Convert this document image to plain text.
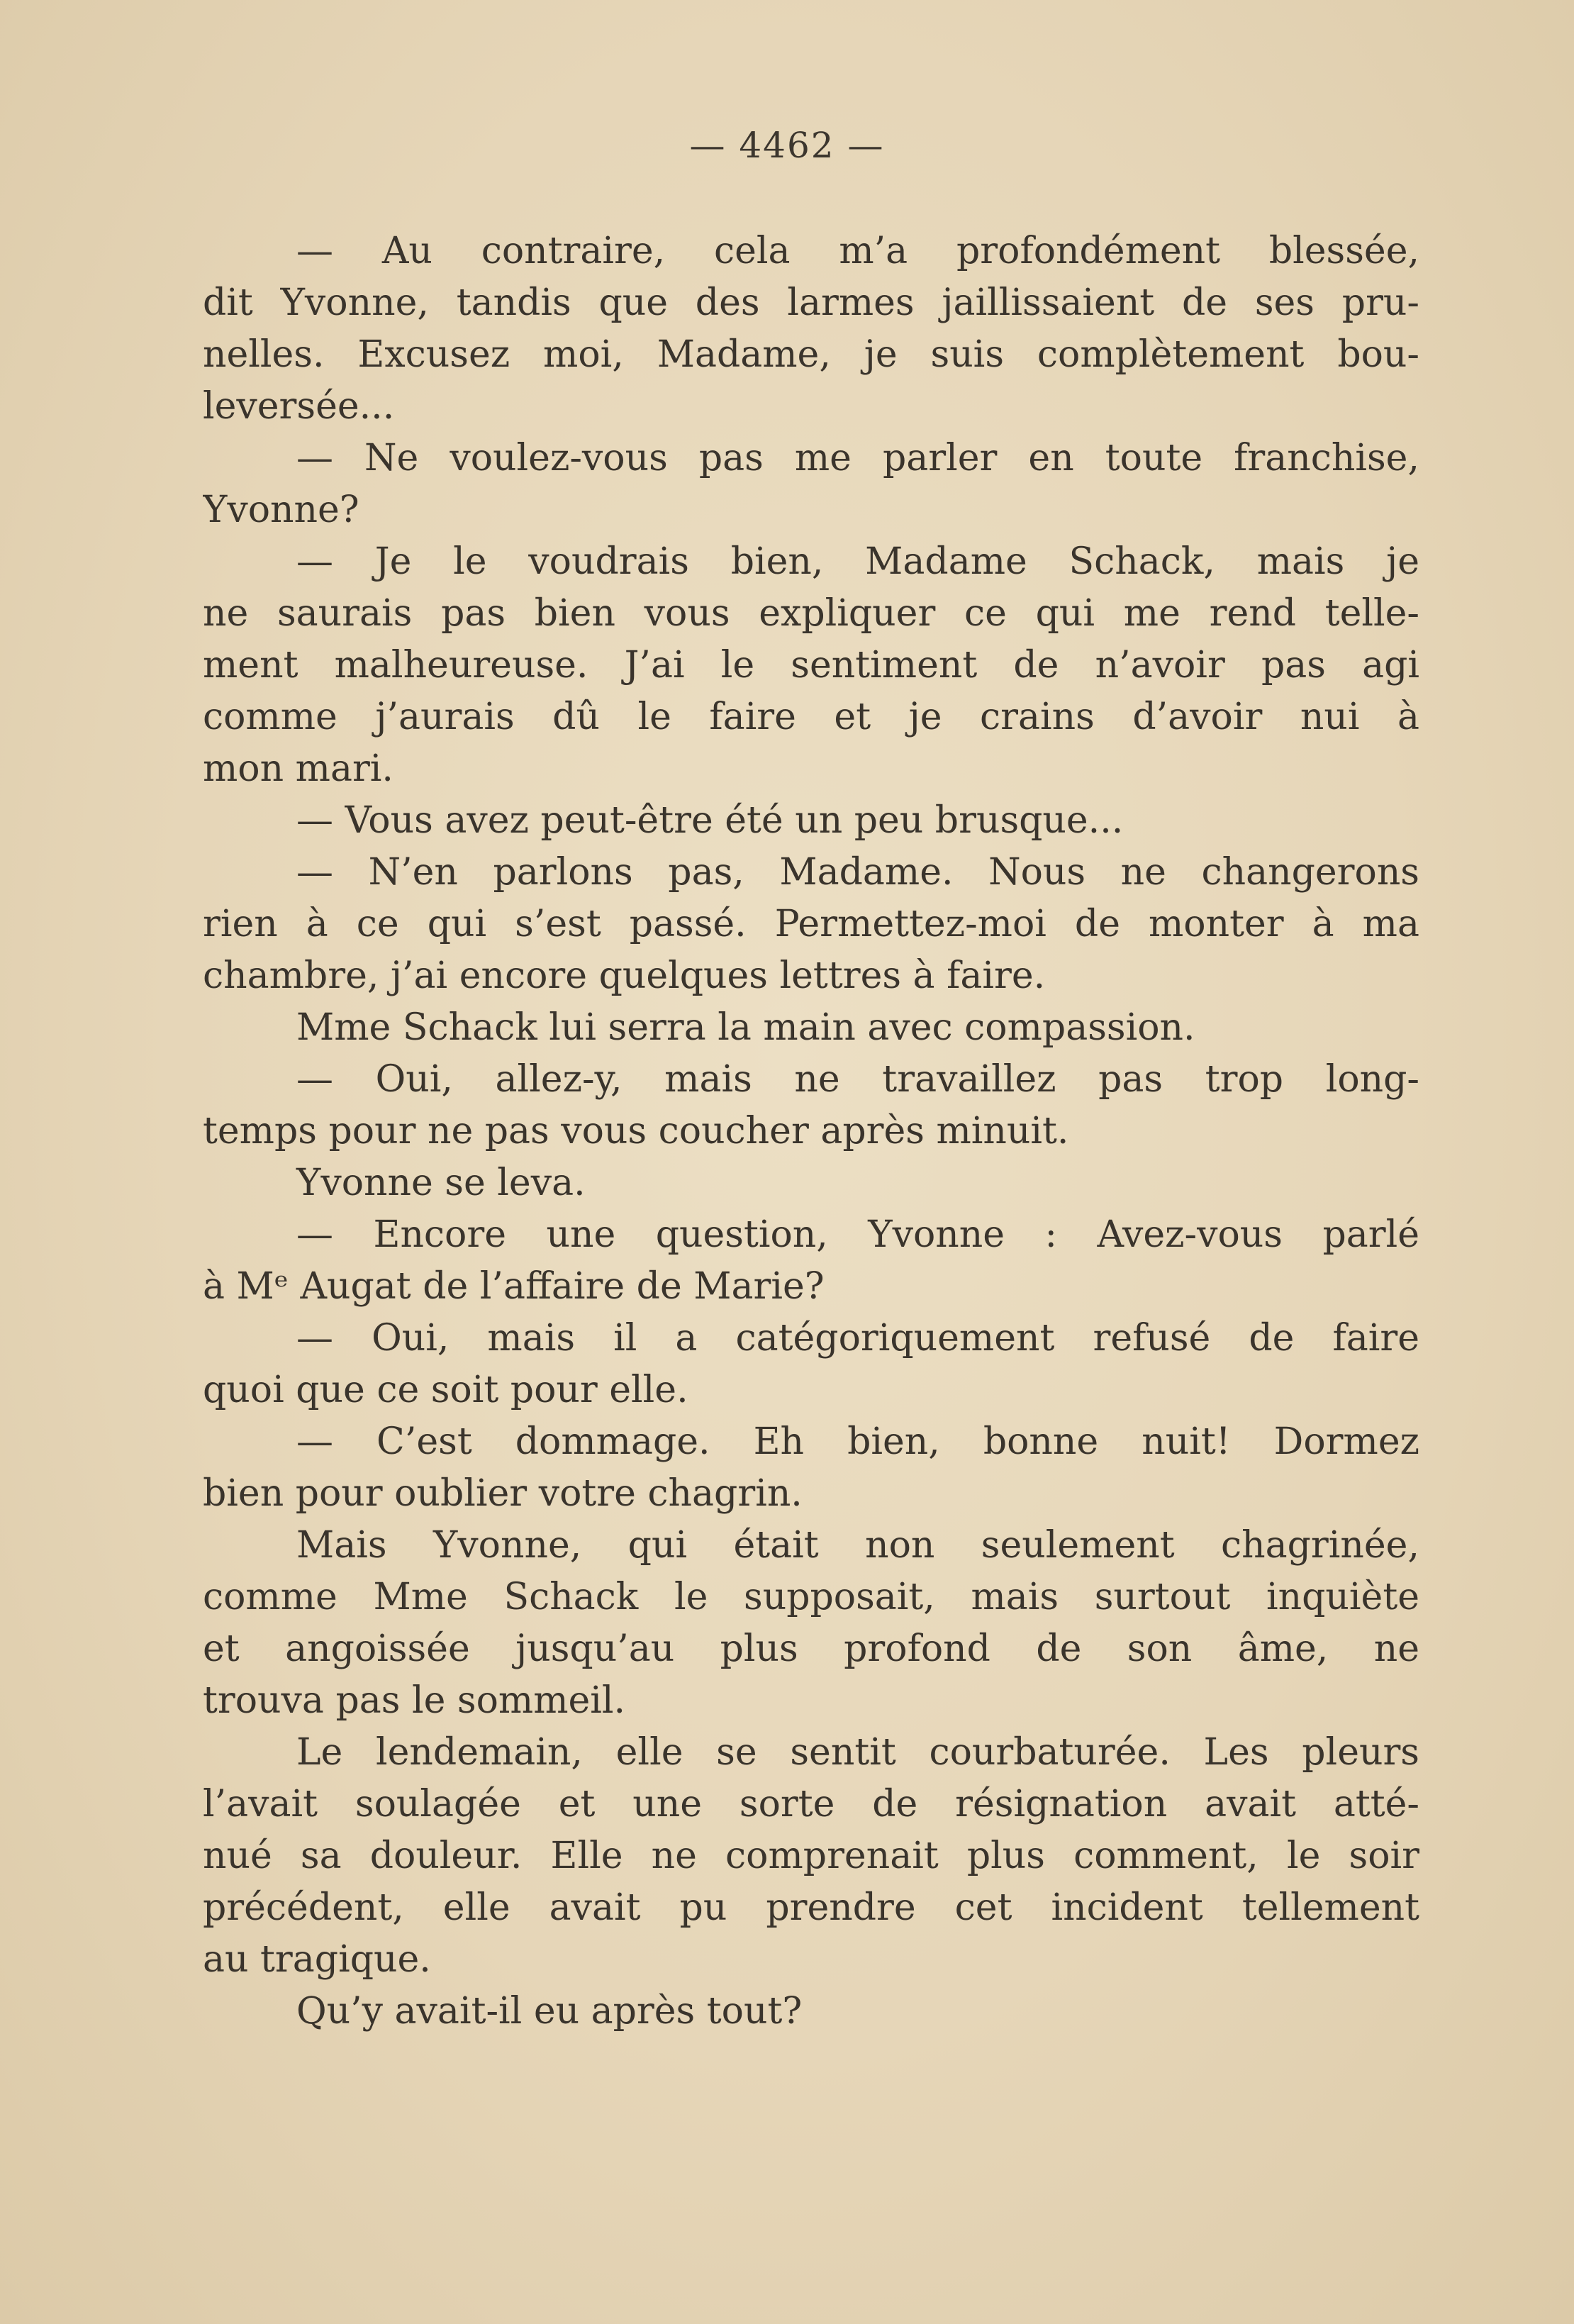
— 4462 —
— Au contraire, cela m’a profondément blessée,
dit Yvonne, tandis que des larmes jaillissaient de ses pru-
nelles. Excusez moi, Madame, je suis complètement bou-
leversée...
— Ne voulez-vous pas me parler en toute franchise,
Yvonne?
— Je le voudrais bien, Madame Schack, mais je
ne saurais pas bien vous expliquer ce qui me rend telle-
ment malheureuse. J’ai le sentiment de n’avoir pas agi
comme j’aurais dû le faire et je crains d’avoir nui à
mon mari.
— Vous avez peut-être été un peu brusque...
— N’en parlons pas, Madame. Nous ne changerons
rien à ce qui s’est passé. Permettez-moi de monter à ma
chambre, j’ai encore quelques lettres à faire.
Mme Schack lui serra la main avec compassion.
— Oui, allez-y, mais ne travaillez pas trop long-
temps pour ne pas vous coucher après minuit.
Yvonne se leva.
— Encore une question, Yvonne : Avez-vous parlé
à Mᵉ Augat de l’affaire de Marie?
— Oui, mais il a catégoriquement refusé de faire
quoi que ce soit pour elle.
— C’est dommage. Eh bien, bonne nuit! Dormez
bien pour oublier votre chagrin.
Mais Yvonne, qui était non seulement chagrinée,
comme Mme Schack le supposait, mais surtout inquiète
et angoissée jusqu’au plus profond de son âme, ne
trouva pas le sommeil.
Le lendemain, elle se sentit courbaturée. Les pleurs
l’avait soulagée et une sorte de résignation avait atté-
nué sa douleur. Elle ne comprenait plus comment, le soir
précédent, elle avait pu prendre cet incident tellement
au tragique.
Qu’y avait-il eu après tout?
